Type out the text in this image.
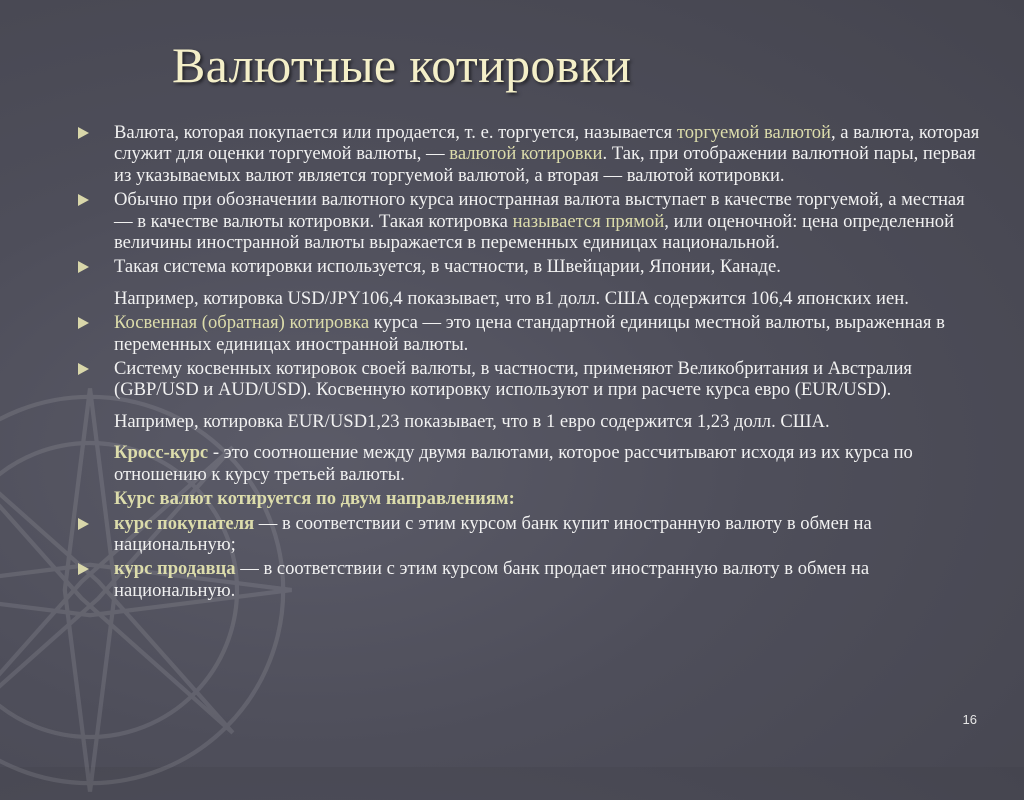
Валютные котировки

Валюта, которая покупается или продается, т. е. торгуется, называется торгуемой валютой, а валюта, которая служит для оценки торгуемой валюты, — валютой котировки. Так, при отображении валютной пары, первая из указываемых валют является торгуемой валютой, а вторая — валютой котировки.

Обычно при обозначении валютного курса иностранная валюта выступает в качестве торгуемой, а местная — в качестве валюты котировки. Такая котировка называется прямой, или оценочной: цена определенной величины иностранной валюты выражается в переменных единицах национальной.

Такая система котировки используется, в частности, в Швейцарии, Японии, Канаде.

Например, котировка USD/JPY106,4 показывает, что в1 долл. США содержится 106,4 японских иен.

Косвенная (обратная) котировка курса — это цена стандартной единицы местной валюты, выраженная в переменных единицах иностранной валюты.

Систему косвенных котировок своей валюты, в частности, применяют Великобритания и Австралия (GBP/USD и AUD/USD). Косвенную котировку используют и при расчете курса евро (EUR/USD).

Например, котировка EUR/USD1,23 показывает, что в 1 евро содержится 1,23 долл. США.

Кросс-курс - это соотношение между двумя валютами, которое рассчитывают исходя из их курса по отношению к курсу третьей валюты.

Курс валют котируется по двум направлениям:

курс покупателя — в соответствии с этим курсом банк купит иностранную валюту в обмен на национальную;

курс продавца — в соответствии с этим курсом банк продает иностранную валюту в обмен на национальную.

16
